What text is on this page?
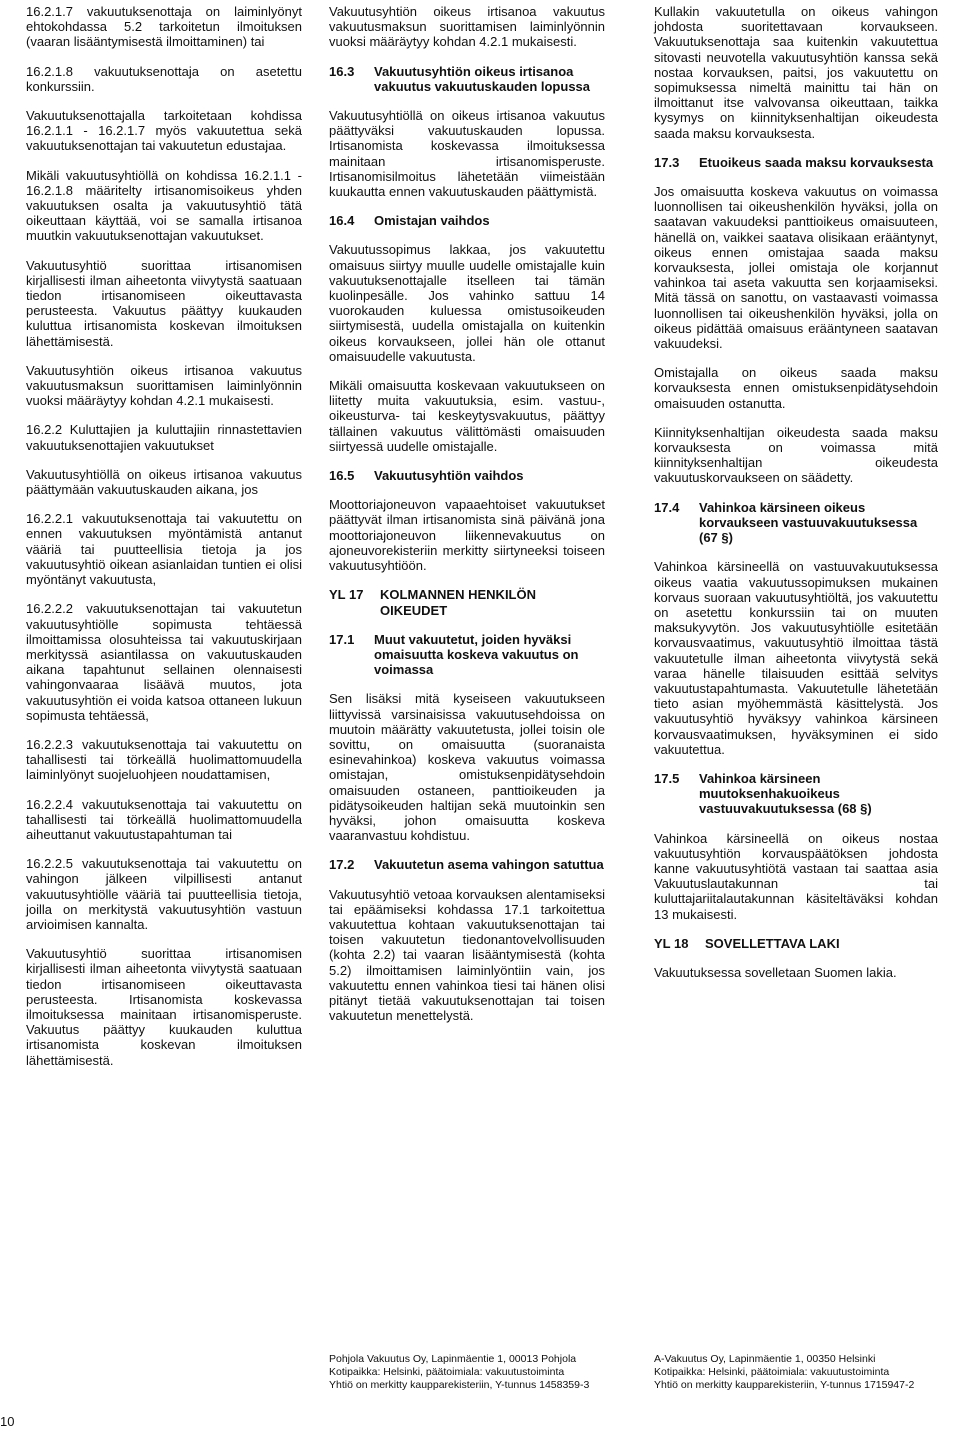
16.2.1.7 vakuutuksenottaja on laiminlyönyt ehtokohdassa 5.2 tarkoitetun ilmoituksen (vaaran lisääntymisestä ilmoittaminen) tai

16.2.1.8 vakuutuksenottaja on asetettu konkurssiin.

Vakuutuksenottajalla tarkoitetaan kohdissa 16.2.1.1 - 16.2.1.7 myös vakuutettua sekä vakuutuksenottajan tai vakuutetun edustajaa.

Mikäli vakuutusyhtiöllä on kohdissa 16.2.1.1 - 16.2.1.8 määritelty irtisanomisoikeus yhden vakuutuksen osalta ja vakuutusyhtiö tätä oikeuttaan käyttää, voi se samalla irtisanoa muutkin vakuutuksenottajan vakuutukset.

Vakuutusyhtiö suorittaa irtisanomisen kirjallisesti ilman aiheetonta viivytystä saatuaan tiedon irtisanomiseen oikeuttavasta perusteesta. Vakuutus päättyy kuukauden kuluttua irtisanomista koskevan ilmoituksen lähettämisestä.

Vakuutusyhtiön oikeus irtisanoa vakuutus vakuutusmaksun suorittamisen laiminlyönnin vuoksi määräytyy kohdan 4.2.1 mukaisesti.

16.2.2 Kuluttajien ja kuluttajiin rinnastettavien vakuutuksenottajien vakuutukset

Vakuutusyhtiöllä on oikeus irtisanoa vakuutus päättymään vakuutuskauden aikana, jos

16.2.2.1 vakuutuksenottaja tai vakuutettu on ennen vakuutuksen myöntämistä antanut vääriä tai puutteellisia tietoja ja jos vakuutusyhtiö oikean asianlaidan tuntien ei olisi myöntänyt vakuutusta,

16.2.2.2 vakuutuksenottajan tai vakuutetun vakuutusyhtiölle sopimusta tehtäessä ilmoittamissa olosuhteissa tai vakuutuskirjaan merkityssä asiantilassa on vakuutuskauden aikana tapahtunut sellainen olennaisesti vahingonvaaraa lisäävä muutos, jota vakuutusyhtiön ei voida katsoa ottaneen lukuun sopimusta tehtäessä,

16.2.2.3 vakuutuksenottaja tai vakuutettu on tahallisesti tai törkeällä huolimattomuudella laiminlyönyt suojeluohjeen noudattamisen,

16.2.2.4 vakuutuksenottaja tai vakuutettu on tahallisesti tai törkeällä huolimattomuudella aiheuttanut vakuutustapahtuman tai

16.2.2.5 vakuutuksenottaja tai vakuutettu on vahingon jälkeen vilpillisesti antanut vakuutusyhtiölle vääriä tai puutteellisia tietoja, joilla on merkitystä vakuutusyhtiön vastuun arvioimisen kannalta.

Vakuutusyhtiö suorittaa irtisanomisen kirjallisesti ilman aiheetonta viivytystä saatuaan tiedon irtisanomiseen oikeuttavasta perusteesta. Irtisanomista koskevassa ilmoituksessa mainitaan irtisanomisperuste. Vakuutus päättyy kuukauden kuluttua irtisanomista koskevan ilmoituksen lähettämisestä.

Vakuutusyhtiön oikeus irtisanoa vakuutus vakuutusmaksun suorittamisen laiminlyönnin vuoksi määräytyy kohdan 4.2.1 mukaisesti.

16.3	Vakuutusyhtiön oikeus irtisanoa vakuutus vakuutuskauden lopussa

Vakuutusyhtiöllä on oikeus irtisanoa vakuutus päättyväksi vakuutuskauden lopussa. Irtisanomista koskevassa ilmoituksessa mainitaan irtisanomisperuste. Irtisanomisilmoitus lähetetään viimeistään kuukautta ennen vakuutuskauden päättymistä.

16.4	Omistajan vaihdos

Vakuutussopimus lakkaa, jos vakuutettu omaisuus siirtyy muulle uudelle omistajalle kuin vakuutuksenottajalle itselleen tai tämän kuolinpesälle. Jos vahinko sattuu 14 vuorokauden kuluessa omistusoikeuden siirtymisestä, uudella omistajalla on kuitenkin oikeus korvaukseen, jollei hän ole ottanut omaisuudelle vakuutusta.

Mikäli omaisuutta koskevaan vakuutukseen on liitetty muita vakuutuksia, esim. vastuu-, oikeusturva- tai keskeytysvakuutus, päättyy tällainen vakuutus välittömästi omaisuuden siirtyessä uudelle omistajalle.

16.5	Vakuutusyhtiön vaihdos

Moottoriajoneuvon vapaaehtoiset vakuutukset päättyvät ilman irtisanomista sinä päivänä jona moottoriajoneuvon liikennevakuutus on ajoneuvorekisteriin merkitty siirtyneeksi toiseen vakuutusyhtiöön.

YL 17	KOLMANNEN HENKILÖN OIKEUDET
17.1	Muut vakuutetut, joiden hyväksi omaisuutta koskeva vakuutus on voimassa

Sen lisäksi mitä kyseiseen vakuutukseen liittyvissä varsinaisissa vakuutusehdoissa on muutoin määrätty vakuutetusta, jollei toisin ole sovittu, on omaisuutta (suoranaista esinevahinkoa) koskeva vakuutus voimassa omistajan, omistuksenpidätysehdoin omaisuuden ostaneen, panttioikeuden ja pidätysoikeuden haltijan sekä muutoinkin sen hyväksi, johon omaisuutta koskeva vaaranvastuu kohdistuu.

17.2	Vakuutetun asema vahingon satuttua

Vakuutusyhtiö vetoaa korvauksen alentamiseksi tai epäämiseksi kohdassa 17.1 tarkoitettua vakuutettua kohtaan vakuutuksenottajan tai toisen vakuutetun tiedonantovelvollisuuden (kohta 2.2) tai vaaran lisääntymisestä (kohta 5.2) ilmoittamisen laiminlyöntiin vain, jos vakuutettu ennen vahinkoa tiesi tai hänen olisi pitänyt tietää vakuutuksenottajan tai toisen vakuutetun menettelystä.

Kullakin vakuutetulla on oikeus vahingon johdosta suoritettavaan korvaukseen. Vakuutuksenottaja saa kuitenkin vakuutettua sitovasti neuvotella vakuutusyhtiön kanssa sekä nostaa korvauksen, paitsi, jos vakuutettu on sopimuksessa nimeltä mainittu tai hän on ilmoittanut itse valvovansa oikeuttaan, taikka kysymys on kiinnityksenhaltijan oikeudesta saada maksu korvauksesta.

17.3	Etuoikeus saada maksu korvauksesta

Jos omaisuutta koskeva vakuutus on voimassa luonnollisen tai oikeushenkilön hyväksi, jolla on saatavan vakuudeksi panttioikeus omaisuuteen, hänellä on, vaikkei saatava olisikaan erääntynyt, oikeus ennen omistajaa saada maksu korvauksesta, jollei omistaja ole korjannut vahinkoa tai aseta vakuutta sen korjaamiseksi. Mitä tässä on sanottu, on vastaavasti voimassa luonnollisen tai oikeushenkilön hyväksi, jolla on oikeus pidättää omaisuus erääntyneen saatavan vakuudeksi.

Omistajalla on oikeus saada maksu korvauksesta ennen omistuksenpidätysehdoin omaisuuden ostanutta.

Kiinnityksenhaltijan oikeudesta saada maksu korvauksesta on voimassa mitä kiinnityksenhaltijan oikeudesta vakuutuskorvaukseen on säädetty.

17.4	Vahinkoa kärsineen oikeus korvaukseen vastuuvakuutuksessa (67 §)

Vahinkoa kärsineellä on vastuuvakuutuksessa oikeus vaatia vakuutussopimuksen mukainen korvaus suoraan vakuutusyhtiöltä, jos vakuutettu on asetettu konkurssiin tai on muuten maksukyvytön. Jos vakuutusyhtiölle esitetään korvausvaatimus, vakuutusyhtiö ilmoittaa tästä vakuutetulle ilman aiheetonta viivytystä sekä varaa hänelle tilaisuuden esittää selvitys vakuutustapahtumasta. Vakuutetulle lähetetään tieto asian myöhemmästä käsittelystä. Jos vakuutusyhtiö hyväksyy vahinkoa kärsineen korvausvaatimuksen, hyväksyminen ei sido vakuutettua.

17.5	Vahinkoa kärsineen muutoksenhakuoikeus vastuuvakuutuksessa (68 §)

Vahinkoa kärsineellä on oikeus nostaa vakuutusyhtiön korvauspäätöksen johdosta kanne vakuutusyhtiötä vastaan tai saattaa asia Vakuutuslautakunnan tai kuluttajariitalautakunnan käsiteltäväksi kohdan 13 mukaisesti.

YL 18	SOVELLETTAVA LAKI

Vakuutuksessa sovelletaan Suomen lakia.

Pohjola Vakuutus Oy, Lapinmäentie 1, 00013 Pohjola
Kotipaikka: Helsinki, päätoimiala: vakuutustoiminta
Yhtiö on merkitty kaupparekisteriin, Y-tunnus 1458359-3
A-Vakuutus Oy, Lapinmäentie 1, 00350 Helsinki
Kotipaikka: Helsinki, päätoimiala: vakuutustoiminta
Yhtiö on merkitty kaupparekisteriin, Y-tunnus 1715947-2
10
